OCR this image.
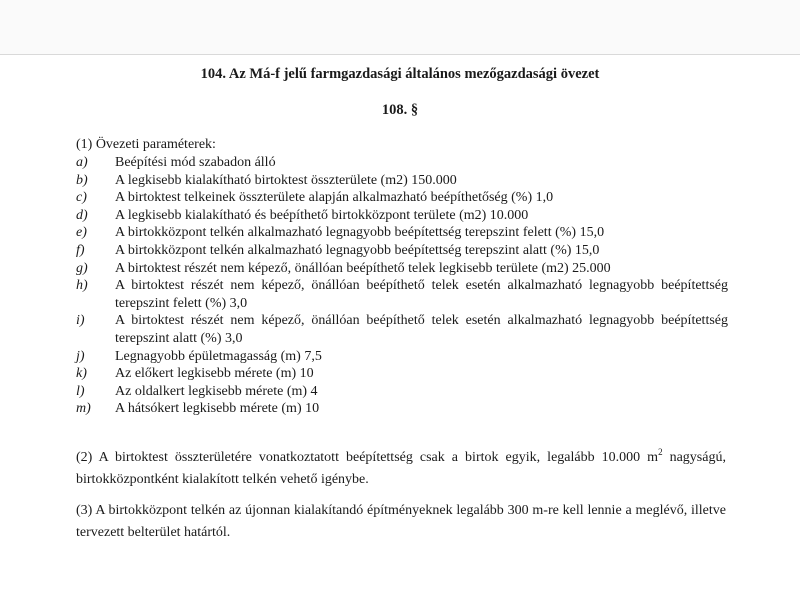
104. Az Má-f jelű farmgazdasági általános mezőgazdasági övezet
108. §
(1) Övezeti paraméterek:
a) Beépítési mód szabadon álló
b) A legkisebb kialakítható birtoktest összterülete (m2) 150.000
c) A birtoktest telkeinek összterülete alapján alkalmazható beépíthetőség (%) 1,0
d) A legkisebb kialakítható és beépíthető birtokközpont területe (m2) 10.000
e) A birtokközpont telkén alkalmazható legnagyobb beépítettség terepszint felett (%) 15,0
f) A birtokközpont telkén alkalmazható legnagyobb beépítettség terepszint alatt (%) 15,0
g) A birtoktest részét nem képező, önállóan beépíthető telek legkisebb területe (m2) 25.000
h) A birtoktest részét nem képező, önállóan beépíthető telek esetén alkalmazható legnagyobb beépítettség terepszint felett (%) 3,0
i) A birtoktest részét nem képező, önállóan beépíthető telek esetén alkalmazható legnagyobb beépítettség terepszint alatt (%) 3,0
j) Legnagyobb épületmagasság (m) 7,5
k) Az előkert legkisebb mérete (m) 10
l) Az oldalkert legkisebb mérete (m) 4
m) A hátsókert legkisebb mérete (m) 10
(2) A birtoktest összterületére vonatkoztatott beépítettség csak a birtok egyik, legalább 10.000 $m^2$ nagyságú, birtokközpontként kialakított telkén vehető igénybe.
(3) A birtokközpont telkén az újonnan kialakítandó építményeknek legalább 300 m-re kell lennie a meglévő, illetve tervezett belterület határtól.
